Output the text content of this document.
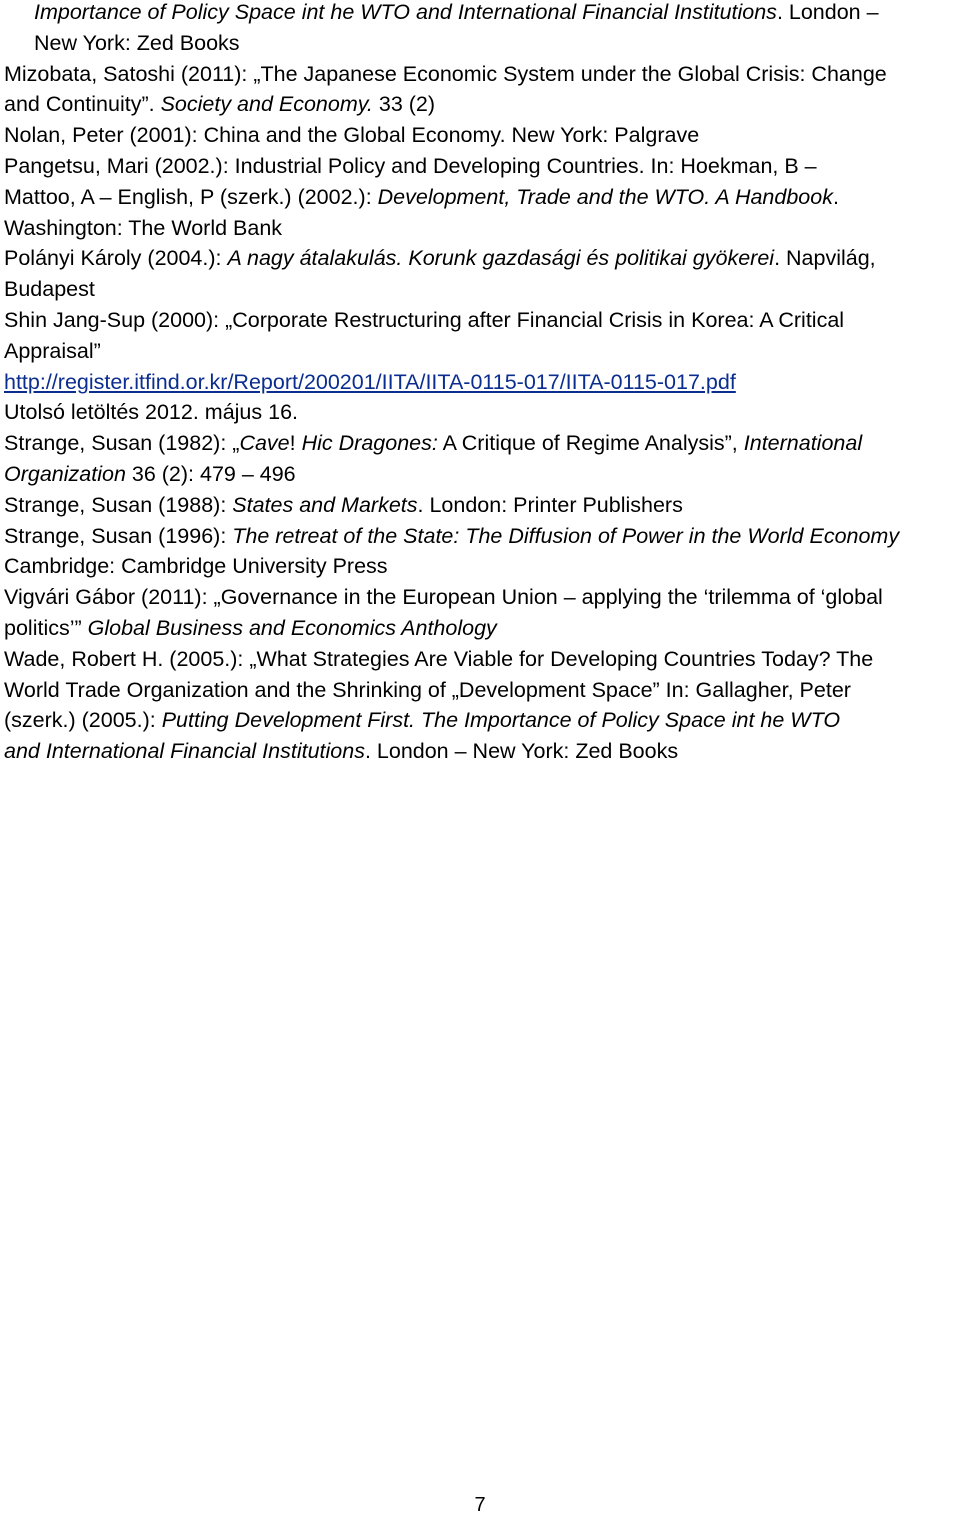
Importance of Policy Space int he WTO and International Financial Institutions. London –
New York: Zed Books
Mizobata, Satoshi (2011): „The Japanese Economic System under the Global Crisis: Change
and Continuity”. Society and Economy. 33 (2)
Nolan, Peter (2001): China and the Global Economy. New York: Palgrave
Pangetsu, Mari (2002.): Industrial Policy and Developing Countries. In: Hoekman, B –
Mattoo, A – English, P (szerk.) (2002.): Development, Trade and the WTO. A Handbook.
Washington: The World Bank
Polányi Károly (2004.): A nagy átalakulás. Korunk gazdasági és politikai gyökerei. Napvilág,
Budapest
Shin Jang-Sup (2000): „Corporate Restructuring after Financial Crisis in Korea: A Critical
Appraisal”
http://register.itfind.or.kr/Report/200201/IITA/IITA-0115-017/IITA-0115-017.pdf
Utolsó letöltés 2012. május 16.
Strange, Susan (1982): „Cave! Hic Dragones: A Critique of Regime Analysis”, International
Organization 36 (2): 479 – 496
Strange, Susan (1988): States and Markets. London: Printer Publishers
Strange, Susan (1996): The retreat of the State: The Diffusion of Power in the World Economy
Cambridge: Cambridge University Press
Vigvári Gábor (2011): „Governance in the European Union – applying the ‘trilemma of ‘global
politics’” Global Business and Economics Anthology
Wade, Robert H. (2005.): „What Strategies Are Viable for Developing Countries Today? The
World Trade Organization and the Shrinking of „Development Space” In: Gallagher, Peter
(szerk.) (2005.): Putting Development First. The Importance of Policy Space int he WTO
and International Financial Institutions. London – New York: Zed Books
7
